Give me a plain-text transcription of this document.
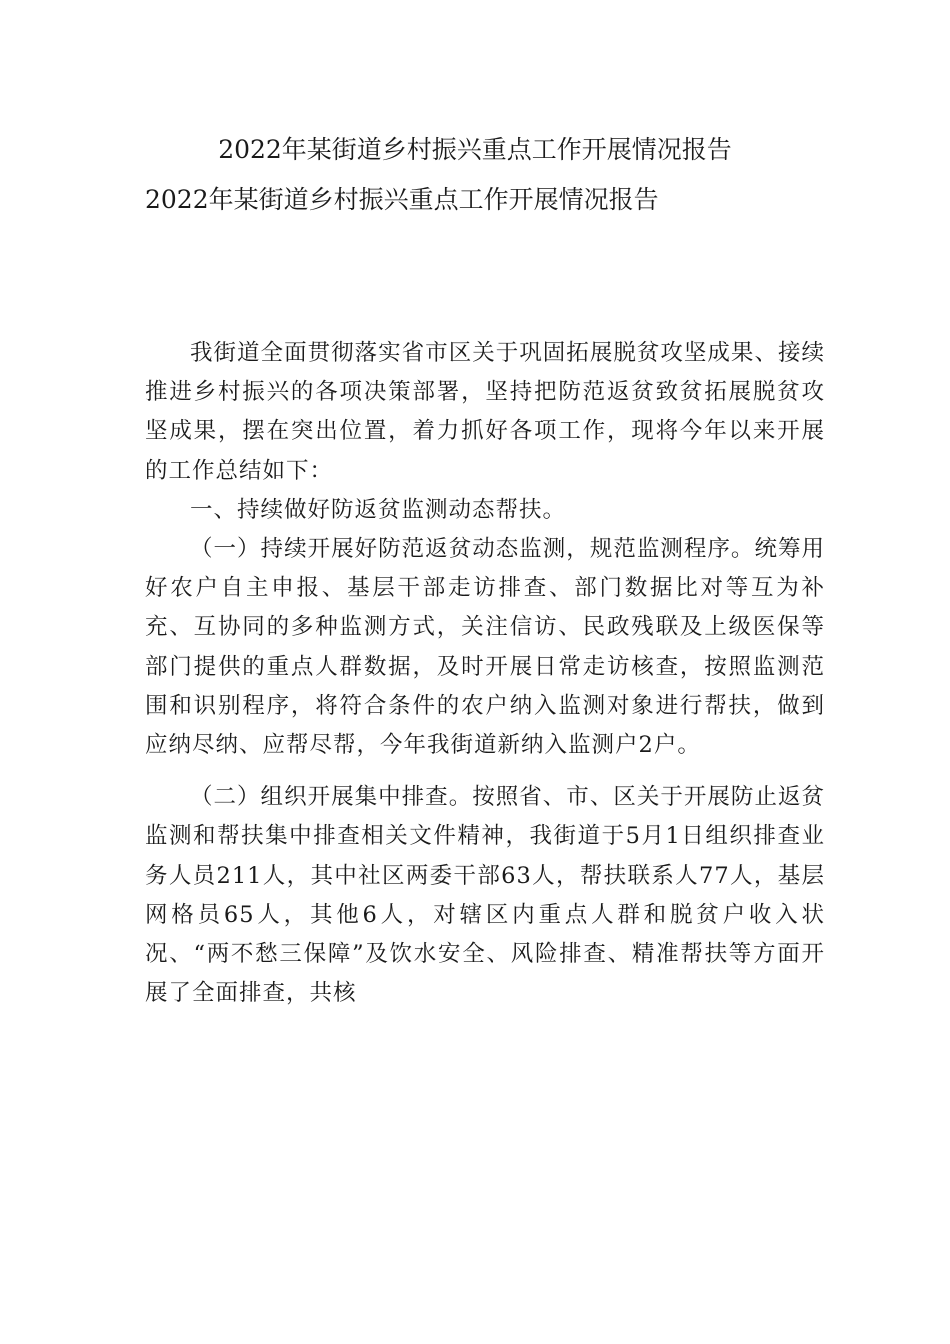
2022年某街道乡村振兴重点工作开展情况报告
2022年某街道乡村振兴重点工作开展情况报告

我街道全面贯彻落实省市区关于巩固拓展脱贫攻坚成果、接续推进乡村振兴的各项决策部署，坚持把防范返贫致贫拓展脱贫攻坚成果，摆在突出位置，着力抓好各项工作，现将今年以来开展的工作总结如下：

一、持续做好防返贫监测动态帮扶。

（一）持续开展好防范返贫动态监测，规范监测程序。统筹用好农户自主申报、基层干部走访排查、部门数据比对等互为补充、互协同的多种监测方式，关注信访、民政残联及上级医保等部门提供的重点人群数据，及时开展日常走访核查，按照监测范围和识别程序，将符合条件的农户纳入监测对象进行帮扶，做到应纳尽纳、应帮尽帮，今年我街道新纳入监测户2户。

（二）组织开展集中排查。按照省、市、区关于开展防止返贫监测和帮扶集中排查相关文件精神，我街道于5月1日组织排查业务人员211人，其中社区两委干部63人，帮扶联系人77人，基层网格员65人，其他6人，对辖区内重点人群和脱贫户收入状况、“两不愁三保障”及饮水安全、风险排查、精准帮扶等方面开展了全面排查，共核
